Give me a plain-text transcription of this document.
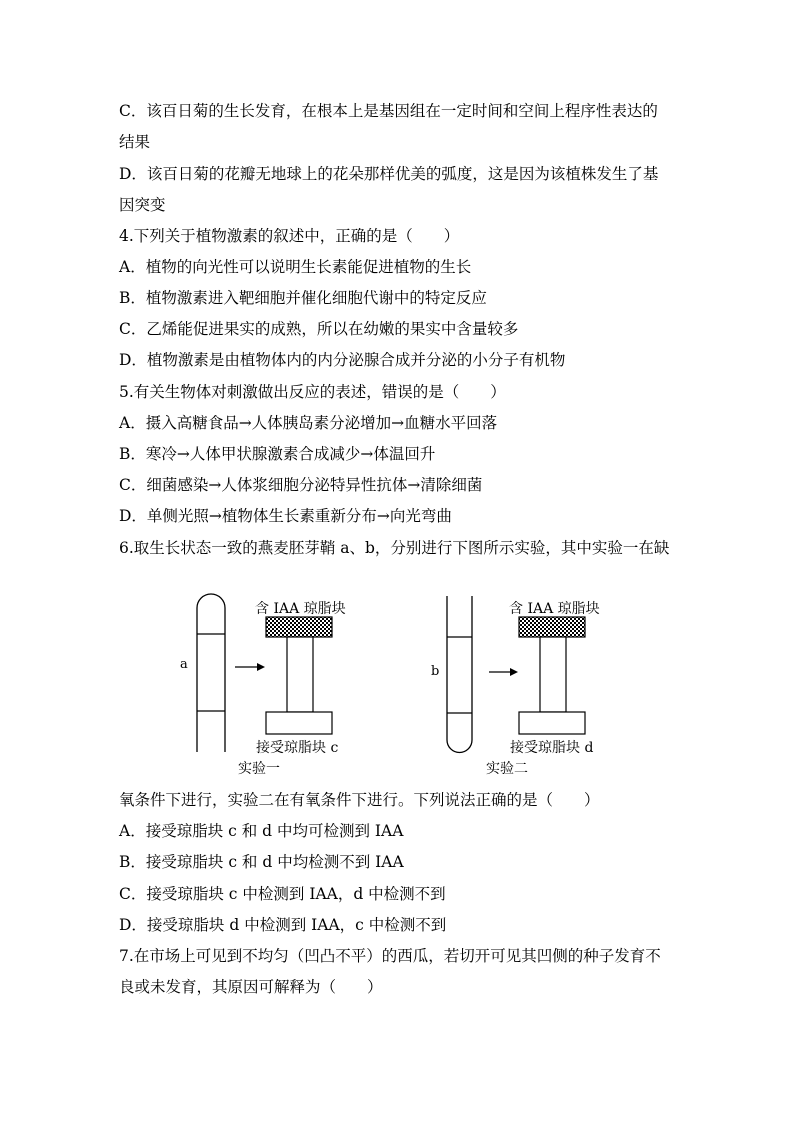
C．该百日菊的生长发育，在根本上是基因组在一定时间和空间上程序性表达的
结果
D．该百日菊的花瓣无地球上的花朵那样优美的弧度，这是因为该植株发生了基
因突变
4.下列关于植物激素的叙述中，正确的是（　　）
A．植物的向光性可以说明生长素能促进植物的生长
B．植物激素进入靶细胞并催化细胞代谢中的特定反应
C．乙烯能促进果实的成熟，所以在幼嫩的果实中含量较多
D．植物激素是由植物体内的内分泌腺合成并分泌的小分子有机物
5.有关生物体对刺激做出反应的表述，错误的是（　　）
A．摄入高糖食品→人体胰岛素分泌增加→血糖水平回落
B．寒冷→人体甲状腺激素合成减少→体温回升
C．细菌感染→人体浆细胞分泌特异性抗体→清除细菌
D．单侧光照→植物体生长素重新分布→向光弯曲
6.取生长状态一致的燕麦胚芽鞘 a、b，分别进行下图所示实验，其中实验一在缺
a
含 IAA 琼脂块
接受琼脂块 c
实验一
b
含 IAA 琼脂块
接受琼脂块 d
实验二
氧条件下进行，实验二在有氧条件下进行。下列说法正确的是（　　）
A．接受琼脂块 c 和 d 中均可检测到 IAA
B．接受琼脂块 c 和 d 中均检测不到 IAA
C．接受琼脂块 c 中检测到 IAA，d 中检测不到
D．接受琼脂块 d 中检测到 IAA，c 中检测不到
7.在市场上可见到不均匀（凹凸不平）的西瓜，若切开可见其凹侧的种子发育不
良或未发育，其原因可解释为（　　）
